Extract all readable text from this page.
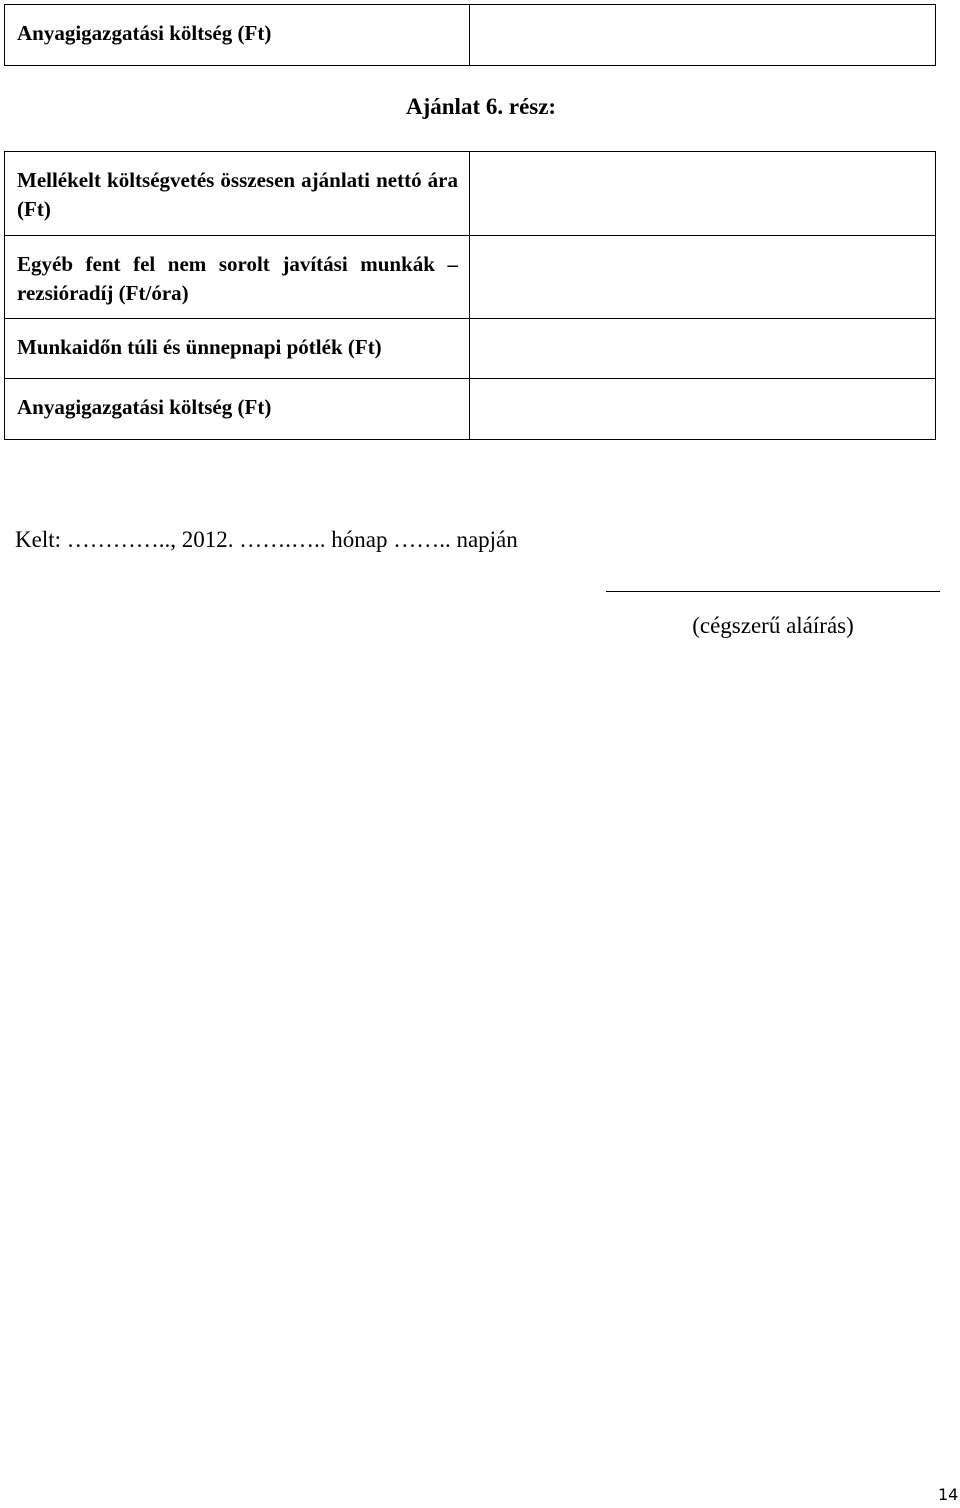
Anyagigazgatási költség (Ft)	
Ajánlat 6. rész:
Mellékelt költségvetés összesen ajánlati nettó ára (Ft)	
Egyéb fent fel nem sorolt javítási munkák – rezsióradíj (Ft/óra)	
Munkaidőn túli és ünnepnapi pótlék (Ft)	
Anyagigazgatási költség (Ft)	
Kelt: ………….., 2012. …….….. hónap …….. napján
(cégszerű aláírás)
14
